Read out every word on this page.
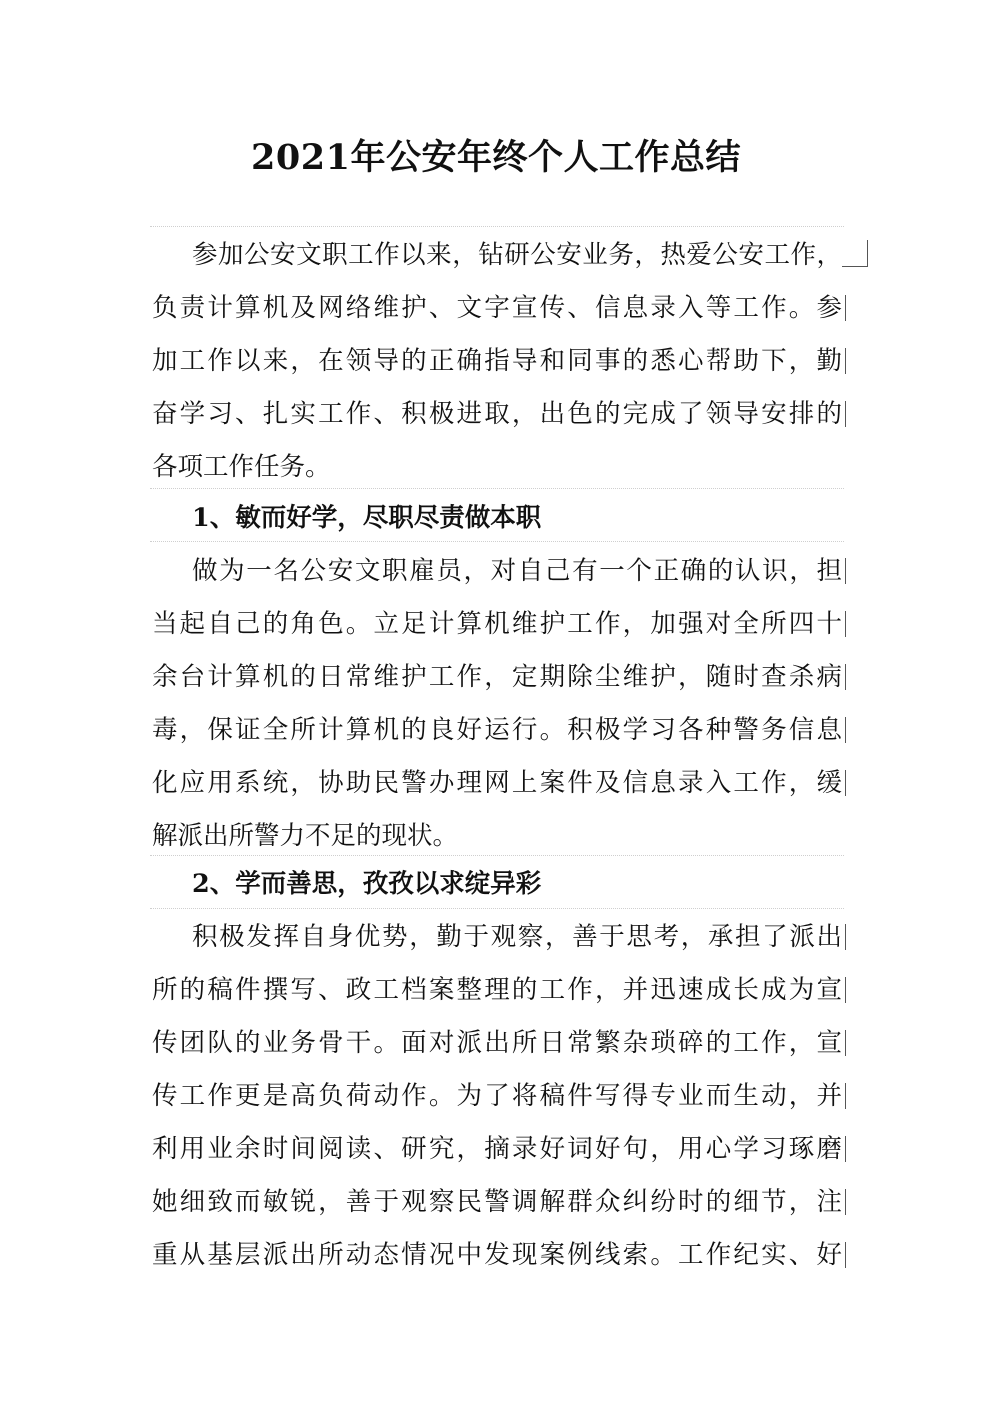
2021年公安年终个人工作总结
参加公安文职工作以来，钻研公安业务，热爱公安工作，
负责计算机及网络维护、文字宣传、信息录入等工作。参
加工作以来，在领导的正确指导和同事的悉心帮助下，勤
奋学习、扎实工作、积极进取，出色的完成了领导安排的
各项工作任务。
1、敏而好学，尽职尽责做本职
做为一名公安文职雇员，对自己有一个正确的认识，担
当起自己的角色。立足计算机维护工作，加强对全所四十
余台计算机的日常维护工作，定期除尘维护，随时查杀病
毒，保证全所计算机的良好运行。积极学习各种警务信息
化应用系统，协助民警办理网上案件及信息录入工作，缓
解派出所警力不足的现状。
2、学而善思，孜孜以求绽异彩
积极发挥自身优势，勤于观察，善于思考，承担了派出
所的稿件撰写、政工档案整理的工作，并迅速成长成为宣
传团队的业务骨干。面对派出所日常繁杂琐碎的工作，宣
传工作更是高负荷动作。为了将稿件写得专业而生动，并
利用业余时间阅读、研究，摘录好词好句，用心学习琢磨
她细致而敏锐，善于观察民警调解群众纠纷时的细节，注
重从基层派出所动态情况中发现案例线索。工作纪实、好
